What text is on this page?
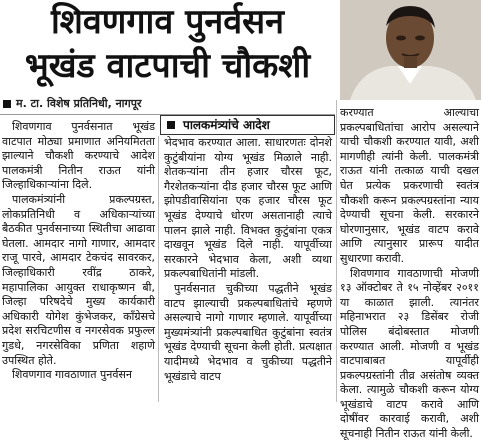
शिवणगाव पुनर्वसन
भूखंड वाटपाची चौकशी
म. टा. विशेष प्रतिनिधी, नागपूर
पालकमंत्र्यांचे आदेश

शिवणगाव पुनर्वसनात भूखंड वाटपात मोठ्या प्रमाणात अनियमितता झाल्याने चौकशी करण्याचे आदेश पालकमंत्री नितीन राऊत यांनी जिल्हाधिकाऱ्यांना दिले.

पालकमंत्र्यांनी प्रकल्पग्रस्त, लोकप्रतिनिधी व अधिकाऱ्यांच्या बैठकीत पुनर्वसनाच्या स्थितीचा आढावा घेतला. आमदार नागो गाणार, आमदार राजू पारवे, आमदार टेकचंद सावरकर, जिल्हाधिकारी रवींद्र ठाकरे, महापालिका आयुक्त राधाकृष्णन बी, जिल्हा परिषदेचे मुख्य कार्यकारी अधिकारी योगेश कुंभेजकर, काँग्रेसचे प्रदेश सरचिटणीस व नगरसेवक प्रफुल्ल गुडधे, नगरसेविका प्रणिता शहाणे उपस्थित होते.

शिवणगाव गावठाणात पुनर्वसन

भेदभाव करण्यात आला. साधारणतः दोनशे कुटुंबीयांना योग्य भूखंड मिळाले नाही. शेतकऱ्यांना तीन हजार चौरस फूट, गैरशेतकऱ्यांना दीड हजार चौरस फूट आणि झोपडीवासियांना एक हजार चौरस फूट भूखंड देण्याचे धोरण असतानाही त्याचे पालन झाले नाही. विभक्त कुटुंबांना एकत्र दाखवून भूखंड दिले नाही. यापूर्वीच्या सरकारने भेदभाव केला, अशी व्यथा प्रकल्पबाधितांनी मांडली.

पुनर्वसनात चुकीच्या पद्धतीने भूखंड वाटप झाल्याची प्रकल्पबाधितांचे म्हणणे असल्याचे नागो गाणार म्हणाले. यापूर्वीच्या मुख्यमंत्र्यांनी प्रकल्पबाधित कुटुंबांना स्वतंत्र भूखंड देण्याची सूचना केली होती. प्रत्यक्षात यादीमध्ये भेदभाव व चुकीच्या पद्धतीने भूखंडाचे वाटप

करण्यात आल्याचा प्रकल्पबाधितांचा आरोप असल्याने याची चौकशी करण्यात यावी, अशी मागणीही त्यांनी केली. पालकमंत्री राऊत यांनी तत्काळ याची दखल घेत प्रत्येक प्रकरणाची स्वतंत्र चौकशी करून प्रकल्पग्रस्तांना न्याय देण्याची सूचना केली. सरकारने घोरणानुसार, भूखंड वाटप करावे आणि त्यानुसार प्रारूप यादीत सुधारणा करावी.

शिवणगाव गावठाणाची मोजणी १३ ऑक्टोबर ते १५ नोव्हेंबर २०११ या काळात झाली. त्यानंतर महिनाभरात २३ डिसेंबर रोजी पोलिस बंदोबस्तात मोजणी करण्यात आली. मोजणी व भूखंड वाटपाबाबत यापूर्वीही प्रकल्पग्रस्तांनी तीव्र असंतोष व्यक्त केला. त्यामुळे चौकशी करून योग्य भूखंडाचे वाटप करावे आणि दोषींवर कारवाई करावी, अशी सूचनाही नितीन राऊत यांनी केली.
